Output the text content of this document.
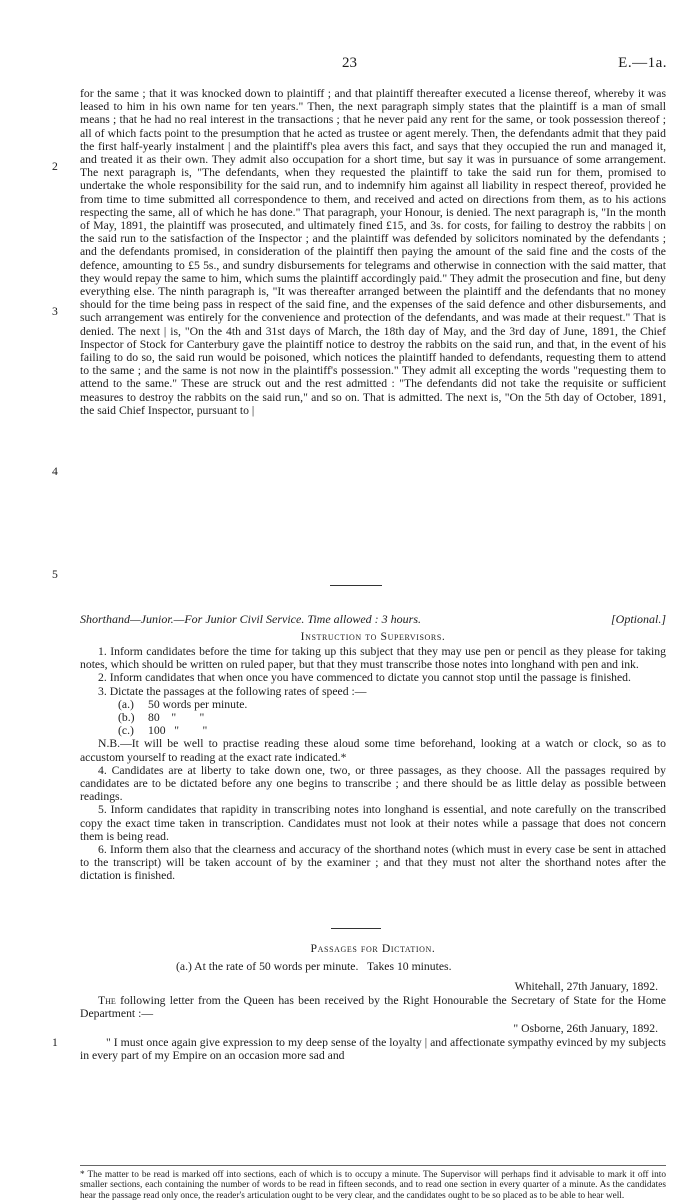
23	E.—1a.

for the same ; that it was knocked down to plaintiff ; and that plaintiff thereafter executed a license thereof, whereby it was leased to him in his own name for ten years." Then, the next paragraph simply states that the plaintiff is a man of small means ; that he had no real interest in the transactions ; that he never paid any rent for the same, or took possession thereof ; all of which facts point to the presumption that he acted as trustee or agent merely. Then, the defendants admit that they paid the first half-yearly instalment | and the plaintiff's plea avers this fact, and says that they occupied the run and managed it, and treated it as their own. They admit also occupation for a short time, but say it was in pursuance of some arrangement. The next paragraph is, "The defendants, when they requested the plaintiff to take the said run for them, promised to undertake the whole responsibility for the said run, and to indemnify him against all liability in respect thereof, provided he from time to time submitted all correspondence to them, and received and acted on directions from them, as to his actions respecting the same, all of which he has done." That paragraph, your Honour, is denied. The next paragraph is, "In the month of May, 1891, the plaintiff was prosecuted, and ultimately fined £15, and 3s. for costs, for failing to destroy the rabbits | on the said run to the satisfaction of the Inspector ; and the plaintiff was defended by solicitors nominated by the defendants ; and the defendants promised, in consideration of the plaintiff then paying the amount of the said fine and the costs of the defence, amounting to £5 5s., and sundry disbursements for telegrams and otherwise in connection with the said matter, that they would repay the same to him, which sums the plaintiff accordingly paid." They admit the prosecution and fine, but deny everything else. The ninth paragraph is, "It was thereafter arranged between the plaintiff and the defendants that no money should for the time being pass in respect of the said fine, and the expenses of the said defence and other disbursements, and such arrangement was entirely for the convenience and protection of the defendants, and was made at their request." That is denied. The next | is, "On the 4th and 31st days of March, the 18th day of May, and the 3rd day of June, 1891, the Chief Inspector of Stock for Canterbury gave the plaintiff notice to destroy the rabbits on the said run, and that, in the event of his failing to do so, the said run would be poisoned, which notices the plaintiff handed to defendants, requesting them to attend to the same ; and the same is not now in the plaintiff's possession." They admit all excepting the words "requesting them to attend to the same." These are struck out and the rest admitted : "The defendants did not take the requisite or sufficient measures to destroy the rabbits on the said run," and so on. That is admitted. The next is, "On the 5th day of October, 1891, the said Chief Inspector, pursuant to |

2
3
4
5
Shorthand—Junior.—For Junior Civil Service. Time allowed : 3 hours.	[Optional.]
Instruction to Supervisors.

1. Inform candidates before the time for taking up this subject that they may use pen or pencil as they please for taking notes, which should be written on ruled paper, but that they must transcribe those notes into longhand with pen and ink.

2. Inform candidates that when once you have commenced to dictate you cannot stop until the passage is finished.

3. Dictate the passages at the following rates of speed :—

(a.) 50 words per minute.
(b.) 80    "        "
(c.) 100   "        "

N.B.—It will be well to practise reading these aloud some time beforehand, looking at a watch or clock, so as to accustom yourself to reading at the exact rate indicated.*

4. Candidates are at liberty to take down one, two, or three passages, as they choose. All the passages required by candidates are to be dictated before any one begins to transcribe ; and there should be as little delay as possible between readings.

5. Inform candidates that rapidity in transcribing notes into longhand is essential, and note carefully on the transcribed copy the exact time taken in transcription. Candidates must not look at their notes while a passage that does not concern them is being read.

6. Inform them also that the clearness and accuracy of the shorthand notes (which must in every case be sent in attached to the transcript) will be taken account of by the examiner ; and that they must not alter the shorthand notes after the dictation is finished.

Passages for Dictation.
(a.) At the rate of 50 words per minute.   Takes 10 minutes.
Whitehall, 27th January, 1892.
The following letter from the Queen has been received by the Right Honourable the Secretary of State for the Home Department :—
" Osborne, 26th January, 1892.
1	" I must once again give expression to my deep sense of the loyalty | and affectionate sympathy evinced by my subjects in every part of my Empire on an occasion more sad and
* The matter to be read is marked off into sections, each of which is to occupy a minute. The Supervisor will perhaps find it advisable to mark it off into smaller sections, each containing the number of words to be read in fifteen seconds, and to read one section in every quarter of a minute. As the candidates hear the passage read only once, the reader's articulation ought to be very clear, and the candidates ought to be so placed as to be able to hear well.
